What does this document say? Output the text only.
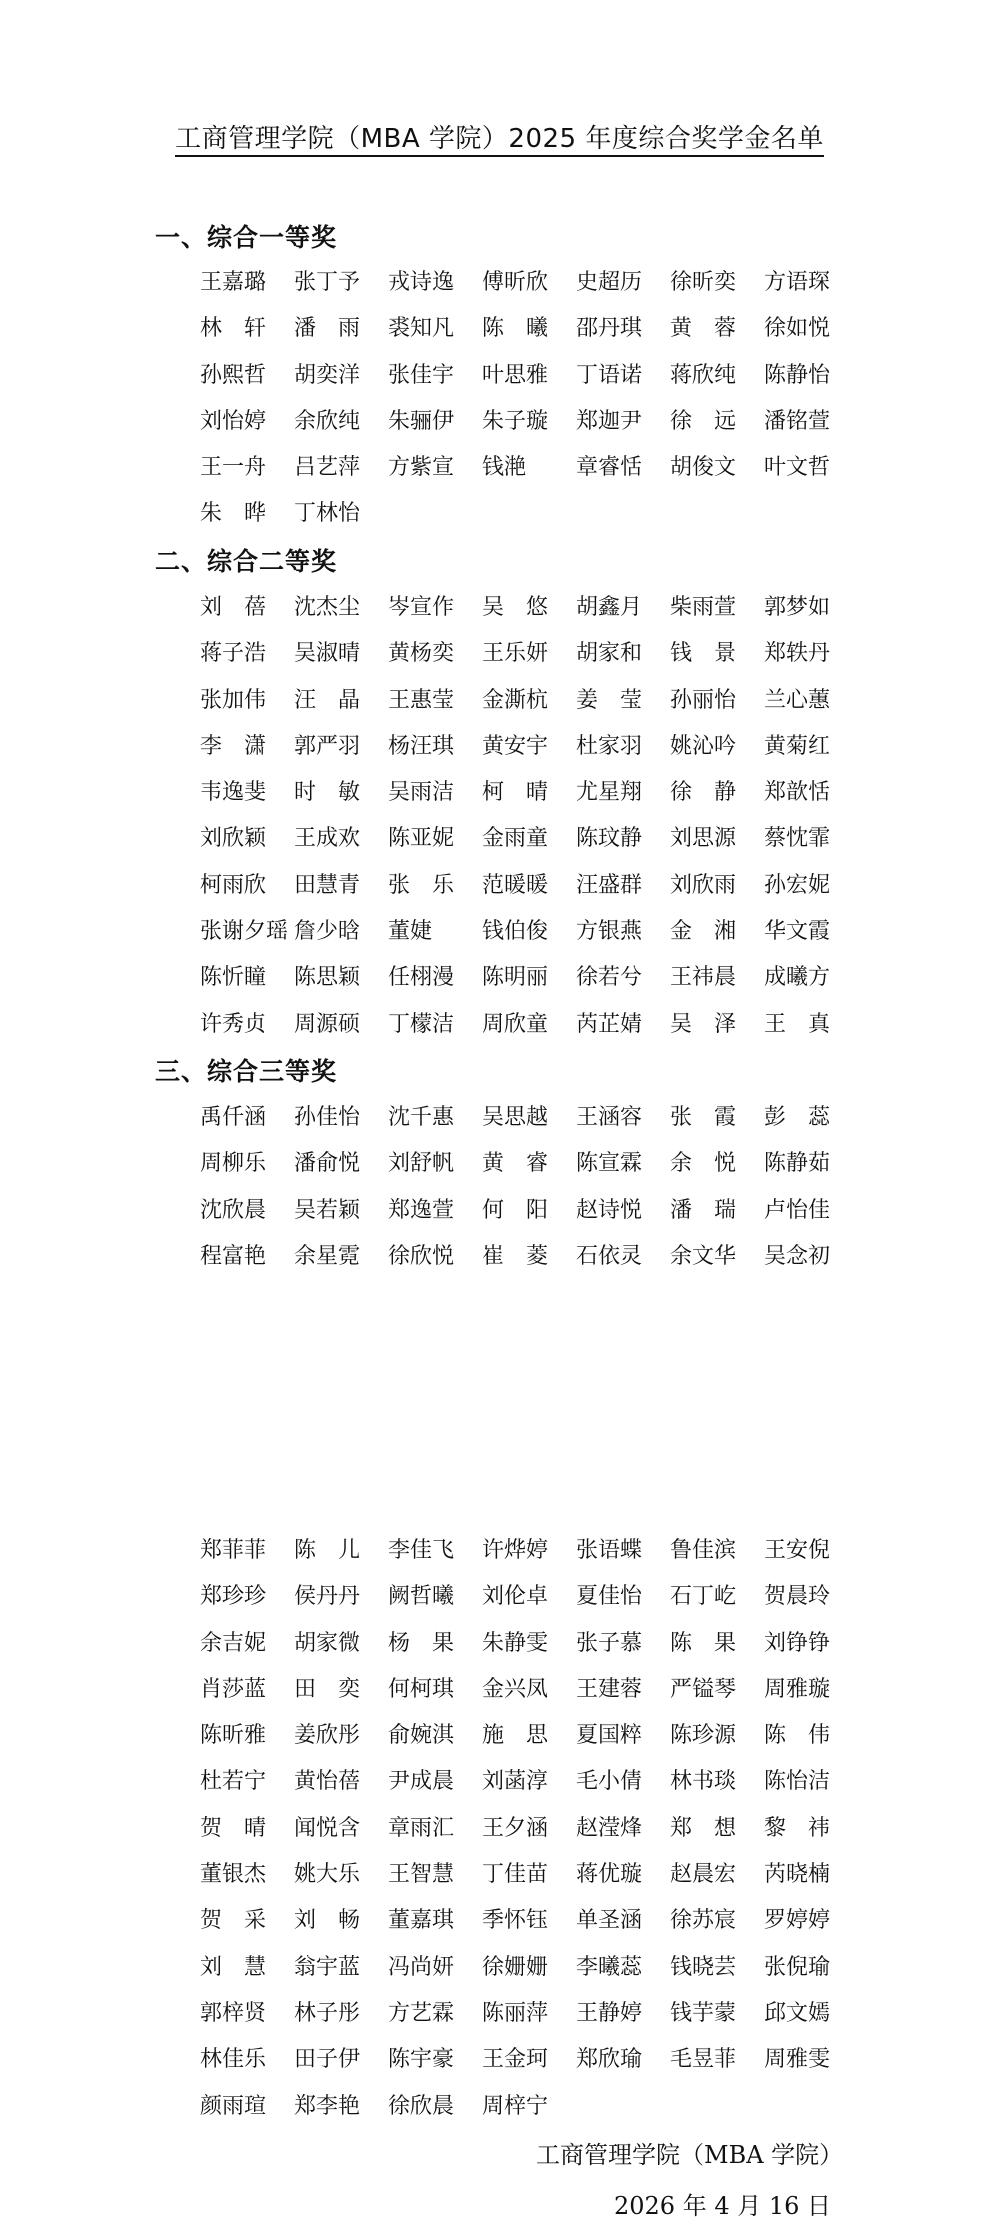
工商管理学院（MBA 学院）2025 年度综合奖学金名单
一、综合一等奖
王嘉璐	张丁予	戎诗逸	傅昕欣	史超历	徐昕奕	方语琛
林　轩	潘　雨	裘知凡	陈　曦	邵丹琪	黄　蓉	徐如悦
孙熙哲	胡奕洋	张佳宇	叶思雅	丁语诺	蒋欣纯	陈静怡
刘怡婷	余欣纯	朱骊伊	朱子璇	郑迦尹	徐　远	潘铭萱
王一舟	吕艺萍	方紫宣	钱滟	章睿恬	胡俊文	叶文哲
朱　晔	丁林怡
二、综合二等奖
刘　蓓	沈杰尘	岑宣作	吴　悠	胡鑫月	柴雨萱	郭梦如
蒋子浩	吴淑晴	黄杨奕	王乐妍	胡家和	钱　景	郑轶丹
张加伟	汪　晶	王惠莹	金澌杭	姜　莹	孙丽怡	兰心蕙
李　潇	郭严羽	杨汪琪	黄安宇	杜家羽	姚沁吟	黄菊红
韦逸斐	时　敏	吴雨洁	柯　晴	尤星翔	徐　静	郑歆恬
刘欣颖	王成欢	陈亚妮	金雨童	陈玟静	刘思源	蔡忱霏
柯雨欣	田慧青	张　乐	范暖暖	汪盛群	刘欣雨	孙宏妮
张谢夕瑶 詹少晗	董婕	钱伯俊	方银燕	金　湘	华文霞
陈忻瞳	陈思颖	任栩漫	陈明丽	徐若兮	王祎晨	成曦方
许秀贞	周源硕	丁檬洁	周欣童	芮芷婧	吴　泽	王　真
三、综合三等奖
禹仟涵	孙佳怡	沈千惠	吴思越	王涵容	张　霞	彭　蕊
周柳乐	潘俞悦	刘舒帆	黄　睿	陈宣霖	余　悦	陈静茹
沈欣晨	吴若颖	郑逸萱	何　阳	赵诗悦	潘　瑞	卢怡佳
程富艳	余星霓	徐欣悦	崔　菱	石依灵	余文华	吴念初
郑菲菲	陈　儿	李佳飞	许烨婷	张语蝶	鲁佳滨	王安倪
郑珍珍	侯丹丹	阙哲曦	刘伦卓	夏佳怡	石丁屹	贺晨玲
余吉妮	胡家微	杨　果	朱静雯	张子慕	陈　果	刘铮铮
肖莎蓝	田　奕	何柯琪	金兴凤	王建蓉	严镒琴	周雅璇
陈昕雅	姜欣彤	俞婉淇	施　思	夏国粹	陈珍源	陈　伟
杜若宁	黄怡蓓	尹成晨	刘菡淳	毛小倩	林书琰	陈怡洁
贺　晴	闻悦含	章雨汇	王夕涵	赵滢烽	郑　想	黎　祎
董银杰	姚大乐	王智慧	丁佳苗	蒋优璇	赵晨宏	芮晓楠
贺　采	刘　畅	董嘉琪	季怀钰	单圣涵	徐苏宸	罗婷婷
刘　慧	翁宇蓝	冯尚妍	徐姗姗	李曦蕊	钱晓芸	张倪瑜
郭梓贤	林子彤	方艺霖	陈丽萍	王静婷	钱芋蒙	邱文嫣
林佳乐	田子伊	陈宇豪	王金珂	郑欣瑜	毛昱菲	周雅雯
颜雨瑄	郑李艳	徐欣晨	周梓宁
工商管理学院（MBA 学院）
2026 年 4 月 16 日
